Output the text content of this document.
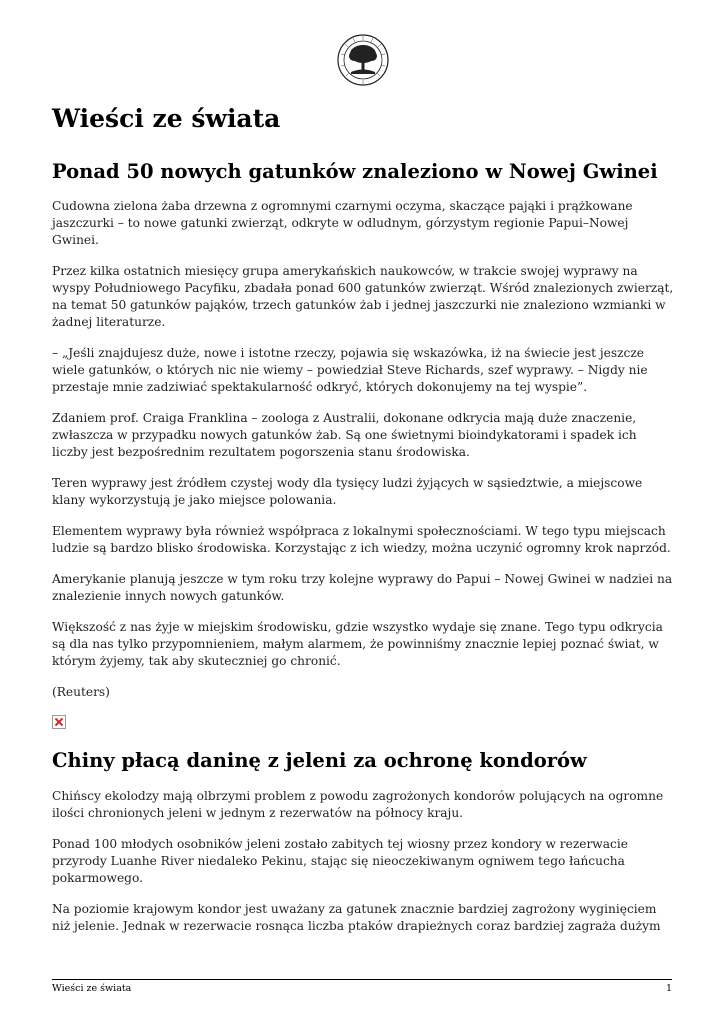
Wieści ze świata
Ponad 50 nowych gatunków znaleziono w Nowej Gwinei

Cudowna zielona żaba drzewna z ogromnymi czarnymi oczyma, skaczące pająki i prążkowane jaszczurki – to nowe gatunki zwierząt, odkryte w odludnym, górzystym regionie Papui–Nowej Gwinei.

Przez kilka ostatnich miesięcy grupa amerykańskich naukowców, w trakcie swojej wyprawy na wyspy Południowego Pacyfiku, zbadała ponad 600 gatunków zwierząt. Wśród znalezionych zwierząt, na temat 50 gatunków pająków, trzech gatunków żab i jednej jaszczurki nie znaleziono wzmianki w żadnej literaturze.

– „Jeśli znajdujesz duże, nowe i istotne rzeczy, pojawia się wskazówka, iż na świecie jest jeszcze wiele gatunków, o których nic nie wiemy – powiedział Steve Richards, szef wyprawy. – Nigdy nie przestaje mnie zadziwiać spektakularność odkryć, których dokonujemy na tej wyspie”.

Zdaniem prof. Craiga Franklina – zoologa z Australii, dokonane odkrycia mają duże znaczenie, zwłaszcza w przypadku nowych gatunków żab. Są one świetnymi bioindykatorami i spadek ich liczby jest bezpośrednim rezultatem pogorszenia stanu środowiska.

Teren wyprawy jest źródłem czystej wody dla tysięcy ludzi żyjących w sąsiedztwie, a miejscowe klany wykorzystują je jako miejsce polowania.

Elementem wyprawy była również współpraca z lokalnymi społecznościami. W tego typu miejscach ludzie są bardzo blisko środowiska. Korzystając z ich wiedzy, można uczynić ogromny krok naprzód.

Amerykanie planują jeszcze w tym roku trzy kolejne wyprawy do Papui – Nowej Gwinei w nadziei na znalezienie innych nowych gatunków.

Większość z nas żyje w miejskim środowisku, gdzie wszystko wydaje się znane. Tego typu odkrycia są dla nas tylko przypomnieniem, małym alarmem, że powinniśmy znacznie lepiej poznać świat, w którym żyjemy, tak aby skuteczniej go chronić.

(Reuters)

Chiny płacą daninę z jeleni za ochronę kondorów

Chińscy ekolodzy mają olbrzymi problem z powodu zagrożonych kondorów polujących na ogromne ilości chronionych jeleni w jednym z rezerwatów na północy kraju.

Ponad 100 młodych osobników jeleni zostało zabitych tej wiosny przez kondory w rezerwacie przyrody Luanhe River niedaleko Pekinu, stając się nieoczekiwanym ogniwem tego łańcucha pokarmowego.

Na poziomie krajowym kondor jest uważany za gatunek znacznie bardziej zagrożony wyginięciem niż jelenie. Jednak w rezerwacie rosnąca liczba ptaków drapieżnych coraz bardziej zagraża dużym

Wieści ze świata	1
